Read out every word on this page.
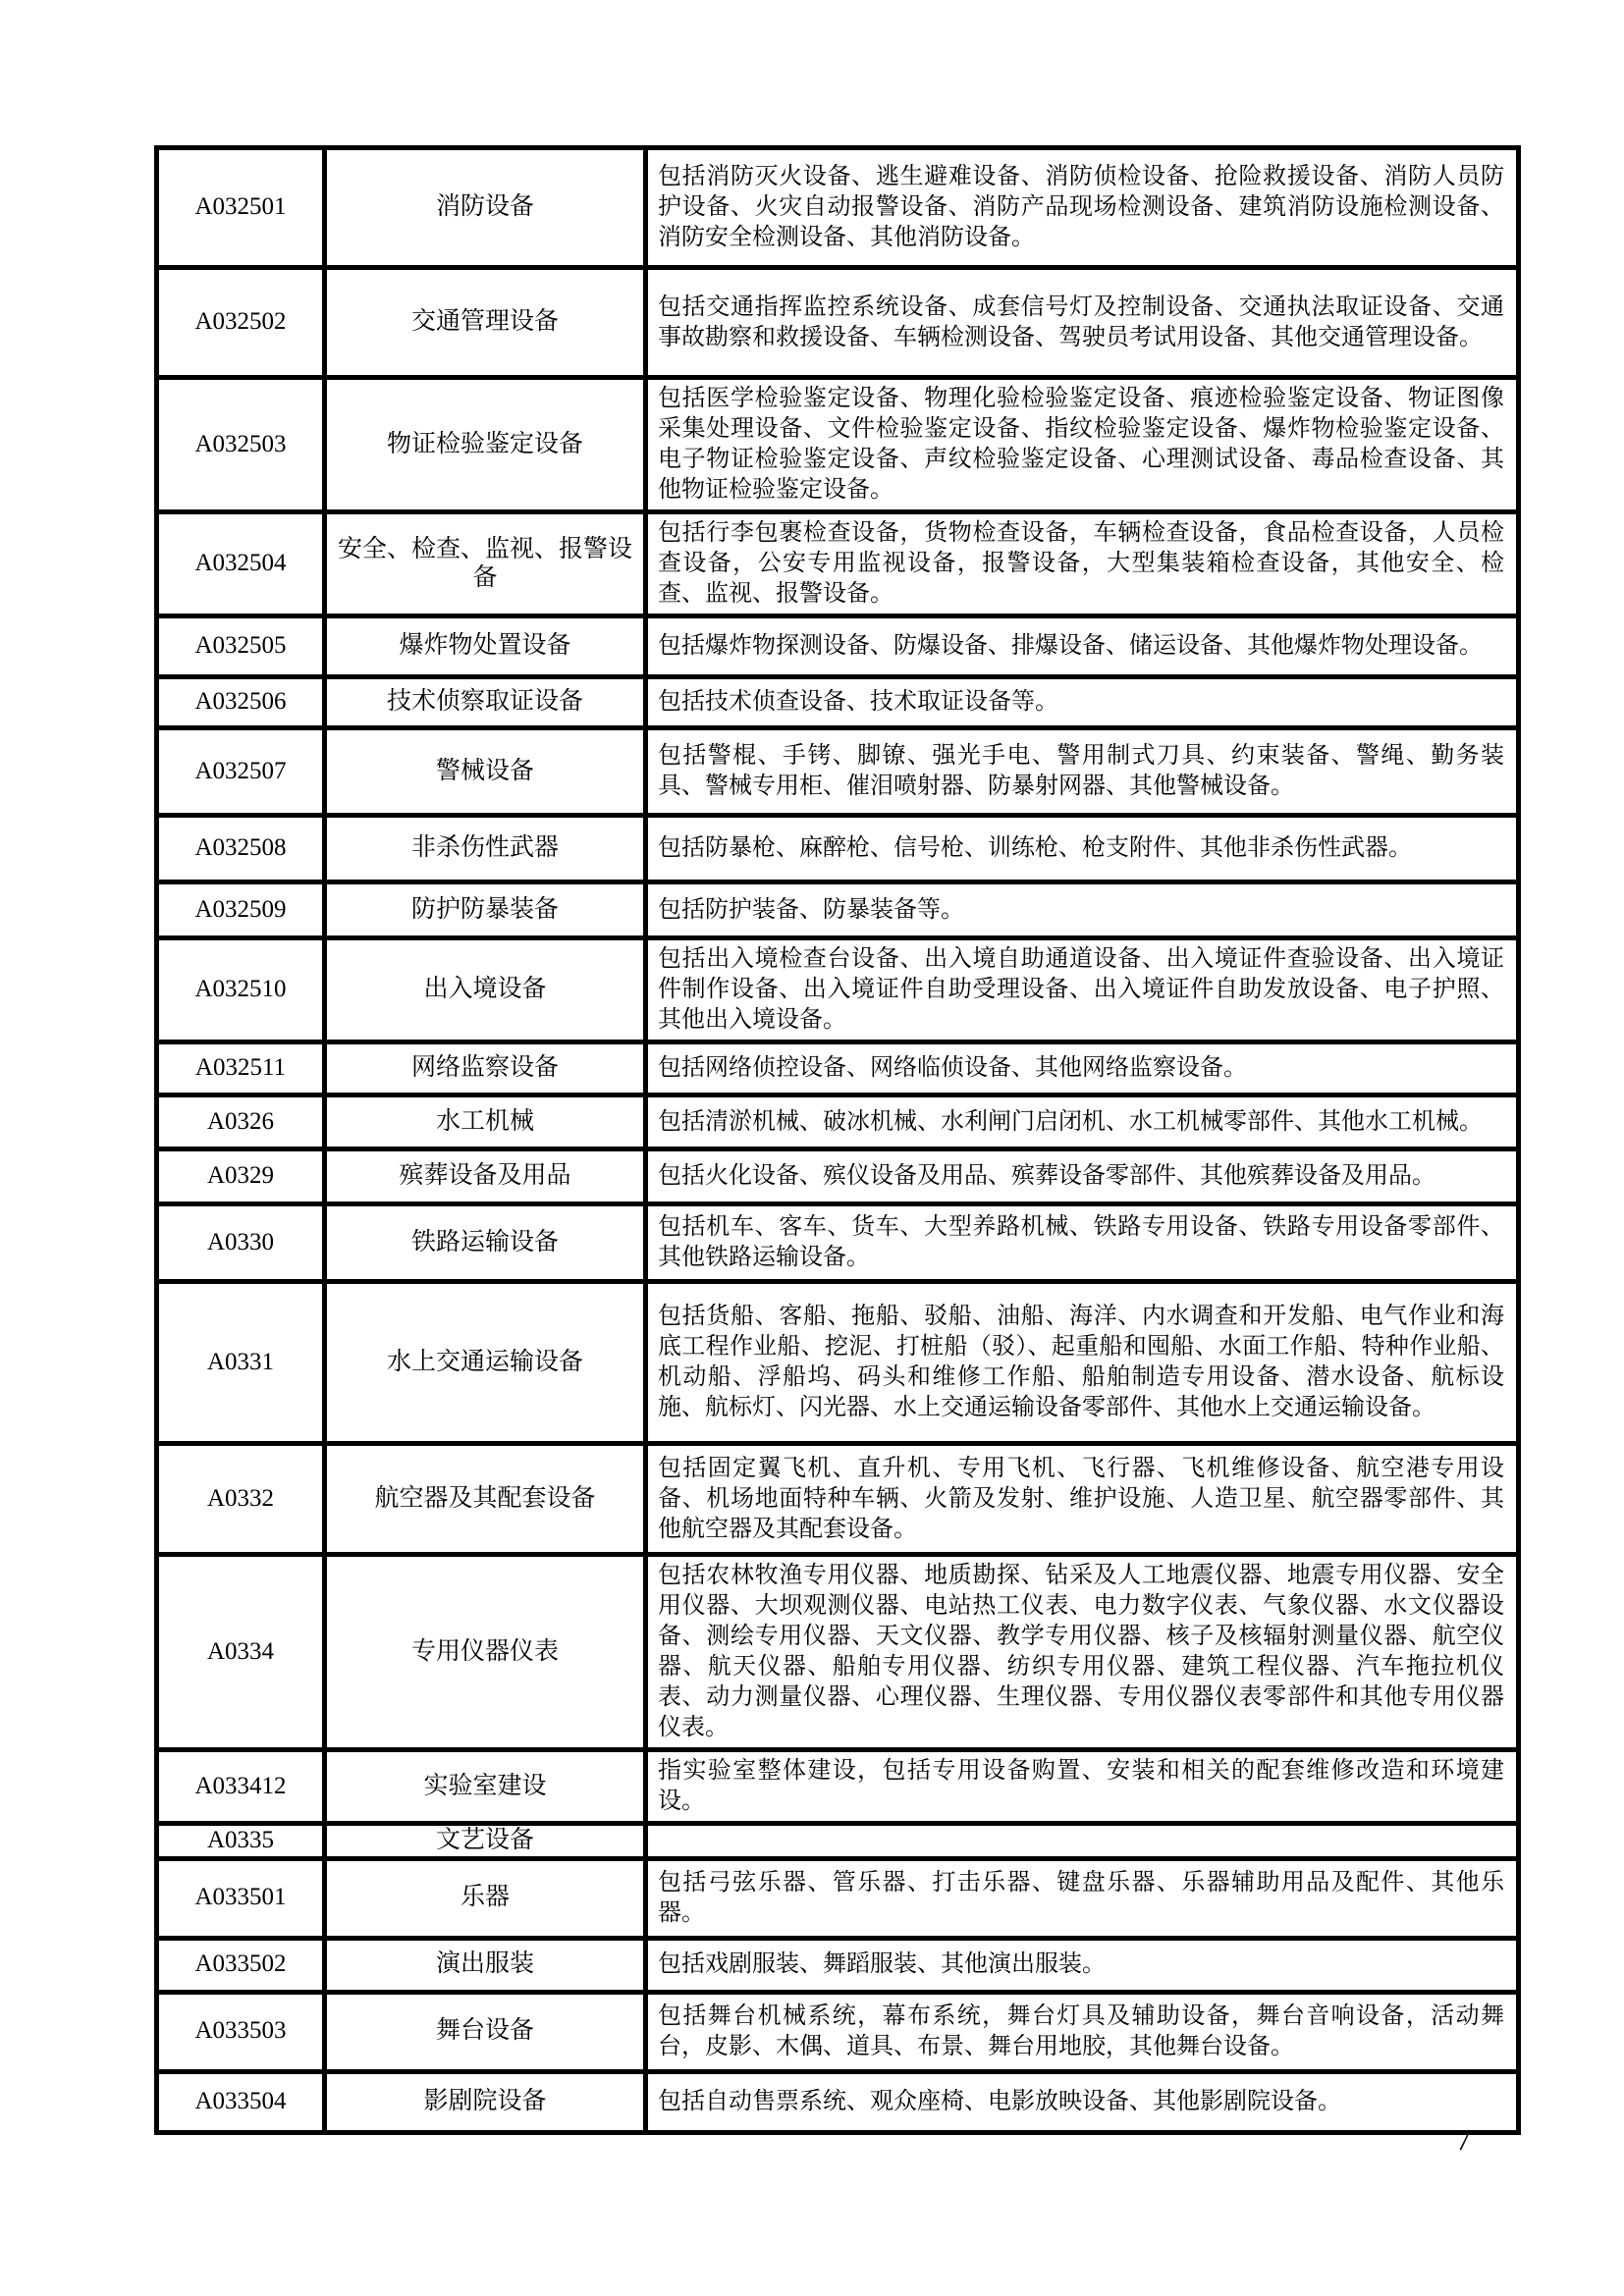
A032501	消防设备	包括消防灭火设备、逃生避难设备、消防侦检设备、抢险救援设备、消防人员防护设备、火灾自动报警设备、消防产品现场检测设备、建筑消防设施检测设备、消防安全检测设备、其他消防设备。
A032502	交通管理设备	包括交通指挥监控系统设备、成套信号灯及控制设备、交通执法取证设备、交通事故勘察和救援设备、车辆检测设备、驾驶员考试用设备、其他交通管理设备。
A032503	物证检验鉴定设备	包括医学检验鉴定设备、物理化验检验鉴定设备、痕迹检验鉴定设备、物证图像采集处理设备、文件检验鉴定设备、指纹检验鉴定设备、爆炸物检验鉴定设备、电子物证检验鉴定设备、声纹检验鉴定设备、心理测试设备、毒品检查设备、其他物证检验鉴定设备。
A032504	安全、检查、监视、报警设备	包括行李包裹检查设备，货物检查设备，车辆检查设备，食品检查设备，人员检查设备，公安专用监视设备，报警设备，大型集装箱检查设备，其他安全、检查、监视、报警设备。
A032505	爆炸物处置设备	包括爆炸物探测设备、防爆设备、排爆设备、储运设备、其他爆炸物处理设备。
A032506	技术侦察取证设备	包括技术侦查设备、技术取证设备等。
A032507	警械设备	包括警棍、手铐、脚镣、强光手电、警用制式刀具、约束装备、警绳、勤务装具、警械专用柜、催泪喷射器、防暴射网器、其他警械设备。
A032508	非杀伤性武器	包括防暴枪、麻醉枪、信号枪、训练枪、枪支附件、其他非杀伤性武器。
A032509	防护防暴装备	包括防护装备、防暴装备等。
A032510	出入境设备	包括出入境检查台设备、出入境自助通道设备、出入境证件查验设备、出入境证件制作设备、出入境证件自助受理设备、出入境证件自助发放设备、电子护照、其他出入境设备。
A032511	网络监察设备	包括网络侦控设备、网络临侦设备、其他网络监察设备。
A0326	水工机械	包括清淤机械、破冰机械、水利闸门启闭机、水工机械零部件、其他水工机械。
A0329	殡葬设备及用品	包括火化设备、殡仪设备及用品、殡葬设备零部件、其他殡葬设备及用品。
A0330	铁路运输设备	包括机车、客车、货车、大型养路机械、铁路专用设备、铁路专用设备零部件、其他铁路运输设备。
A0331	水上交通运输设备	包括货船、客船、拖船、驳船、油船、海洋、内水调查和开发船、电气作业和海底工程作业船、挖泥、打桩船（驳）、起重船和囤船、水面工作船、特种作业船、机动船、浮船坞、码头和维修工作船、船舶制造专用设备、潜水设备、航标设施、航标灯、闪光器、水上交通运输设备零部件、其他水上交通运输设备。
A0332	航空器及其配套设备	包括固定翼飞机、直升机、专用飞机、飞行器、飞机维修设备、航空港专用设备、机场地面特种车辆、火箭及发射、维护设施、人造卫星、航空器零部件、其他航空器及其配套设备。
A0334	专用仪器仪表	包括农林牧渔专用仪器、地质勘探、钻采及人工地震仪器、地震专用仪器、安全用仪器、大坝观测仪器、电站热工仪表、电力数字仪表、气象仪器、水文仪器设备、测绘专用仪器、天文仪器、教学专用仪器、核子及核辐射测量仪器、航空仪器、航天仪器、船舶专用仪器、纺织专用仪器、建筑工程仪器、汽车拖拉机仪表、动力测量仪器、心理仪器、生理仪器、专用仪器仪表零部件和其他专用仪器仪表。
A033412	实验室建设	指实验室整体建设，包括专用设备购置、安装和相关的配套维修改造和环境建设。
A0335	文艺设备	
A033501	乐器	包括弓弦乐器、管乐器、打击乐器、键盘乐器、乐器辅助用品及配件、其他乐器。
A033502	演出服装	包括戏剧服装、舞蹈服装、其他演出服装。
A033503	舞台设备	包括舞台机械系统，幕布系统，舞台灯具及辅助设备，舞台音响设备，活动舞台，皮影、木偶、道具、布景、舞台用地胶，其他舞台设备。
A033504	影剧院设备	包括自动售票系统、观众座椅、电影放映设备、其他影剧院设备。
7
